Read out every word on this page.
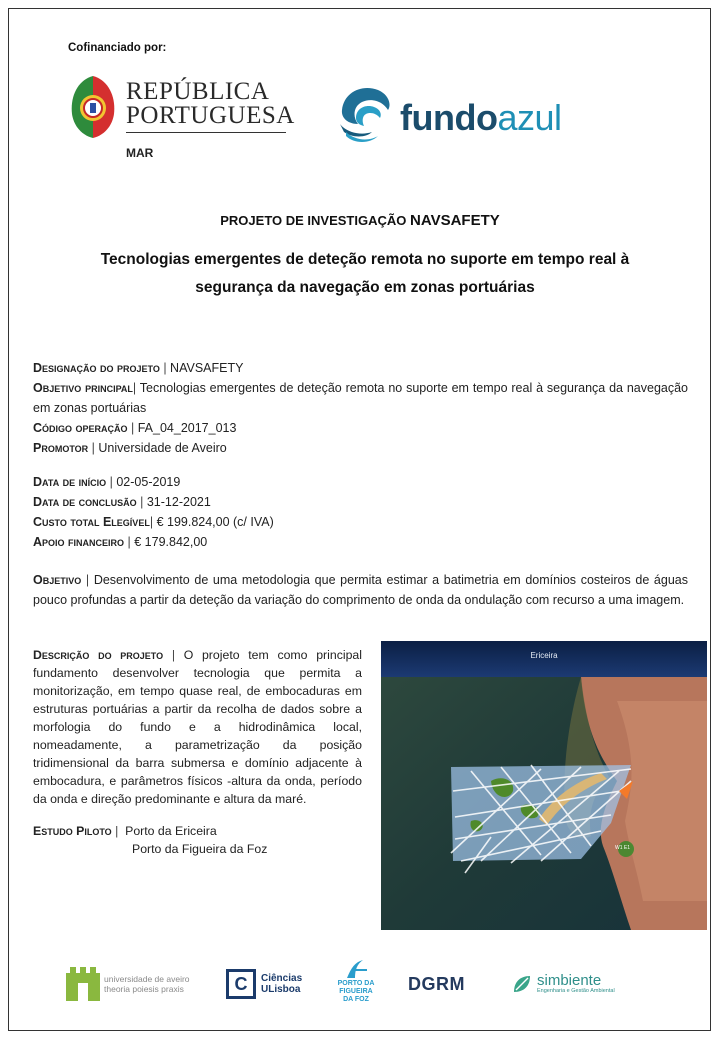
Cofinanciado por:
REPÚBLICA
PORTUGUESA
MAR
fundoazul
PROJETO DE INVESTIGAÇÃO NAVSAFETY
Tecnologias emergentes de deteção remota no suporte em tempo real à segurança da navegação em zonas portuárias
Designação do projeto | NAVSAFETY
Objetivo principal| Tecnologias emergentes de deteção remota no suporte em tempo real à segurança da navegação em zonas portuárias
Código operação | FA_04_2017_013
Promotor | Universidade de Aveiro
Data de início | 02-05-2019
Data de conclusão | 31-12-2021
Custo total Elegível| € 199.824,00 (c/ IVA)
Apoio financeiro | € 179.842,00
Objetivo | Desenvolvimento de uma metodologia que permita estimar a batimetria em domínios costeiros de águas pouco profundas a partir da deteção da variação do comprimento de onda da ondulação com recurso a uma imagem.
Descrição do projeto | O projeto tem como principal fundamento desenvolver tecnologia que permita a monitorização, em tempo quase real, de embocaduras em estruturas portuárias a partir da recolha de dados sobre a morfologia do fundo e a hidrodinâmica local, nomeadamente, a parametrização da posição tridimensional da barra submersa e domínio adjacente à embocadura, e parâmetros físicos -altura da onda, período da onda e direção predominante e altura da maré.
Estudo Piloto | Porto da Ericeira
Porto da Figueira da Foz
Ericeira
W1 E1
universidade de aveiro
theoria poiesis praxis	C	Ciências
ULisboa
PORTO DA
FIGUEIRA
DA FOZ
DGRM	simbiente
Engenharia e Gestão Ambiental
